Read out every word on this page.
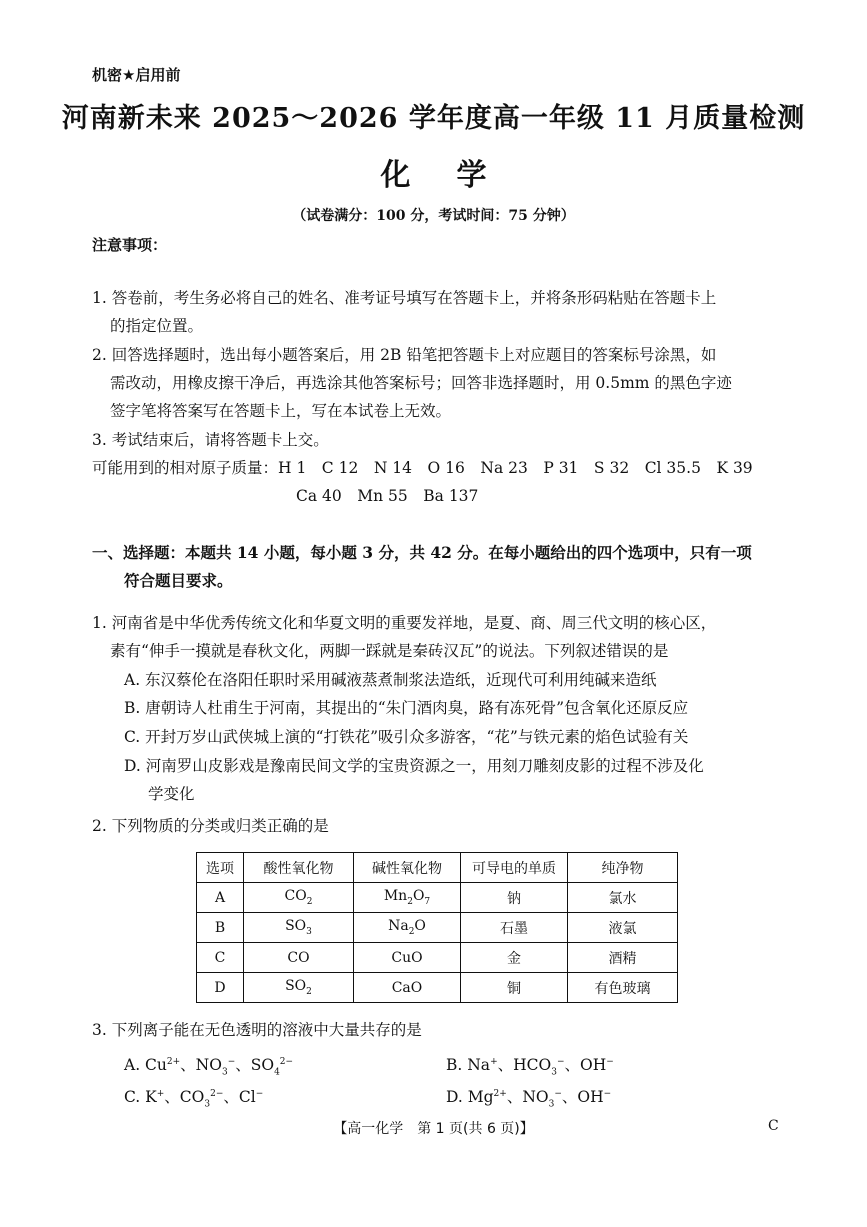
机密★启用前
河南新未来 2025～2026 学年度高一年级 11 月质量检测
化学
（试卷满分：100 分，考试时间：75 分钟）
注意事项：
1. 答卷前，考生务必将自己的姓名、准考证号填写在答题卡上，并将条形码粘贴在答题卡上
的指定位置。
2. 回答选择题时，选出每小题答案后，用 2B 铅笔把答题卡上对应题目的答案标号涂黑，如
需改动，用橡皮擦干净后，再选涂其他答案标号；回答非选择题时，用 0.5mm 的黑色字迹
签字笔将答案写在答题卡上，写在本试卷上无效。
3. 考试结束后，请将答题卡上交。
可能用到的相对原子质量：H 1　C 12　N 14　O 16　Na 23　P 31　S 32　Cl 35.5　K 39
Ca 40　Mn 55　Ba 137
一、选择题：本题共 14 小题，每小题 3 分，共 42 分。在每小题给出的四个选项中，只有一项
符合题目要求。
1. 河南省是中华优秀传统文化和华夏文明的重要发祥地，是夏、商、周三代文明的核心区，
素有“伸手一摸就是春秋文化，两脚一踩就是秦砖汉瓦”的说法。下列叙述错误的是
A. 东汉蔡伦在洛阳任职时采用碱液蒸煮制浆法造纸，近现代可利用纯碱来造纸
B. 唐朝诗人杜甫生于河南，其提出的“朱门酒肉臭，路有冻死骨”包含氧化还原反应
C. 开封万岁山武侠城上演的“打铁花”吸引众多游客，“花”与铁元素的焰色试验有关
D. 河南罗山皮影戏是豫南民间文学的宝贵资源之一，用刻刀雕刻皮影的过程不涉及化
学变化
2. 下列物质的分类或归类正确的是
选项	酸性氧化物	碱性氧化物	可导电的单质	纯净物
A	$CO_2$	$Mn_2O_7$	钠	氯水
B	$SO_3$	$Na_2O$	石墨	液氯
C	CO	CuO	金	酒精
D	$SO_2$	CaO	铜	有色玻璃
3. 下列离子能在无色透明的溶液中大量共存的是
A. $Cu^{2+}$、$NO_3^-$、$SO_4^{2-}$	B. Na+、$HCO_3^-$、OH−
C. K+、$CO_3^{2-}$、Cl−	D. $Mg^{2+}$、$NO_3^-$、OH−
【高一化学　第 1 页(共 6 页)】	C
